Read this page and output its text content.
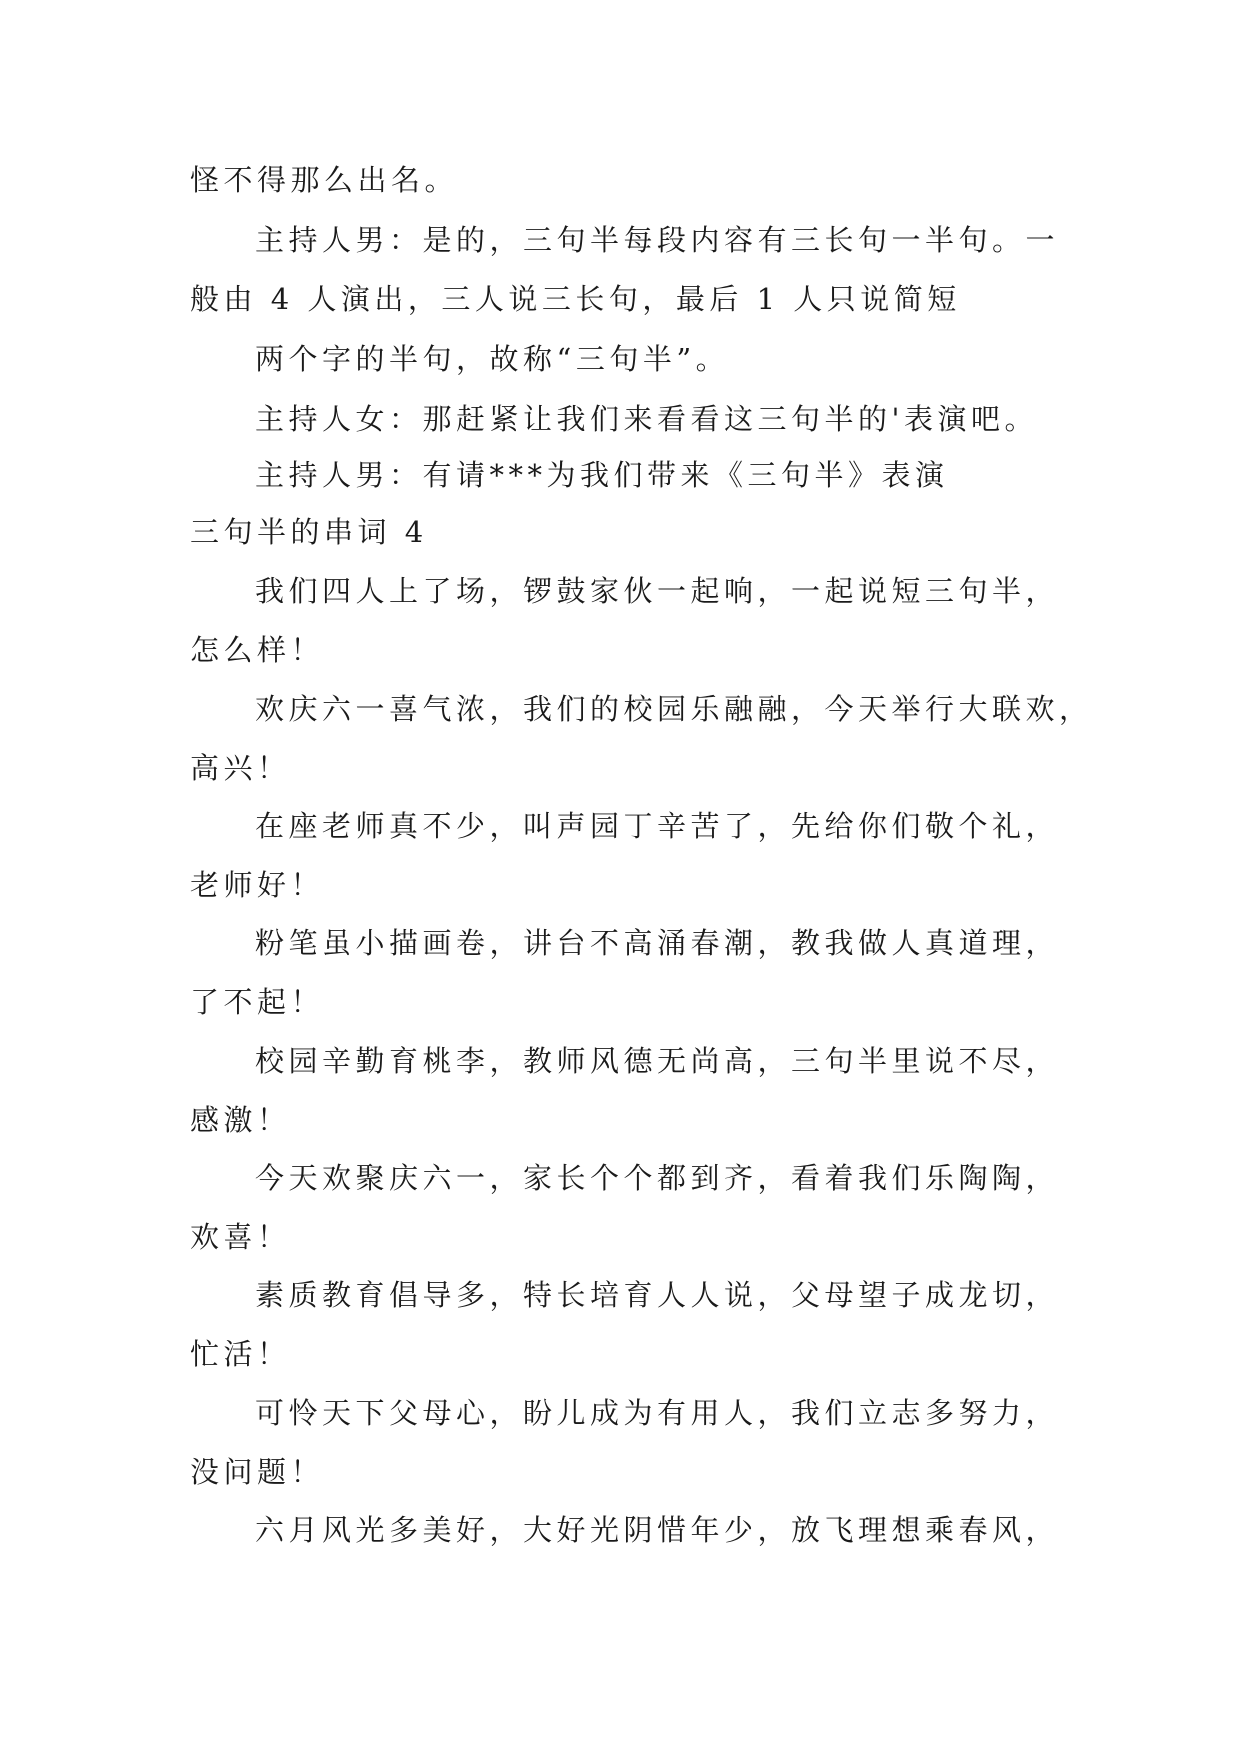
怪不得那么出名。
主持人男：是的，三句半每段内容有三长句一半句。一
般由 4 人演出，三人说三长句，最后 1 人只说简短
两个字的半句，故称“三句半”。
主持人女：那赶紧让我们来看看这三句半的'表演吧。
主持人男：有请***为我们带来《三句半》表演
三句半的串词 4
我们四人上了场，锣鼓家伙一起响，一起说短三句半，
怎么样！
欢庆六一喜气浓，我们的校园乐融融，今天举行大联欢，
高兴！
在座老师真不少，叫声园丁辛苦了，先给你们敬个礼，
老师好！
粉笔虽小描画卷，讲台不高涌春潮，教我做人真道理，
了不起！
校园辛勤育桃李，教师风德无尚高，三句半里说不尽，
感激！
今天欢聚庆六一，家长个个都到齐，看着我们乐陶陶，
欢喜！
素质教育倡导多，特长培育人人说，父母望子成龙切，
忙活！
可怜天下父母心，盼儿成为有用人，我们立志多努力，
没问题！
六月风光多美好，大好光阴惜年少，放飞理想乘春风，
